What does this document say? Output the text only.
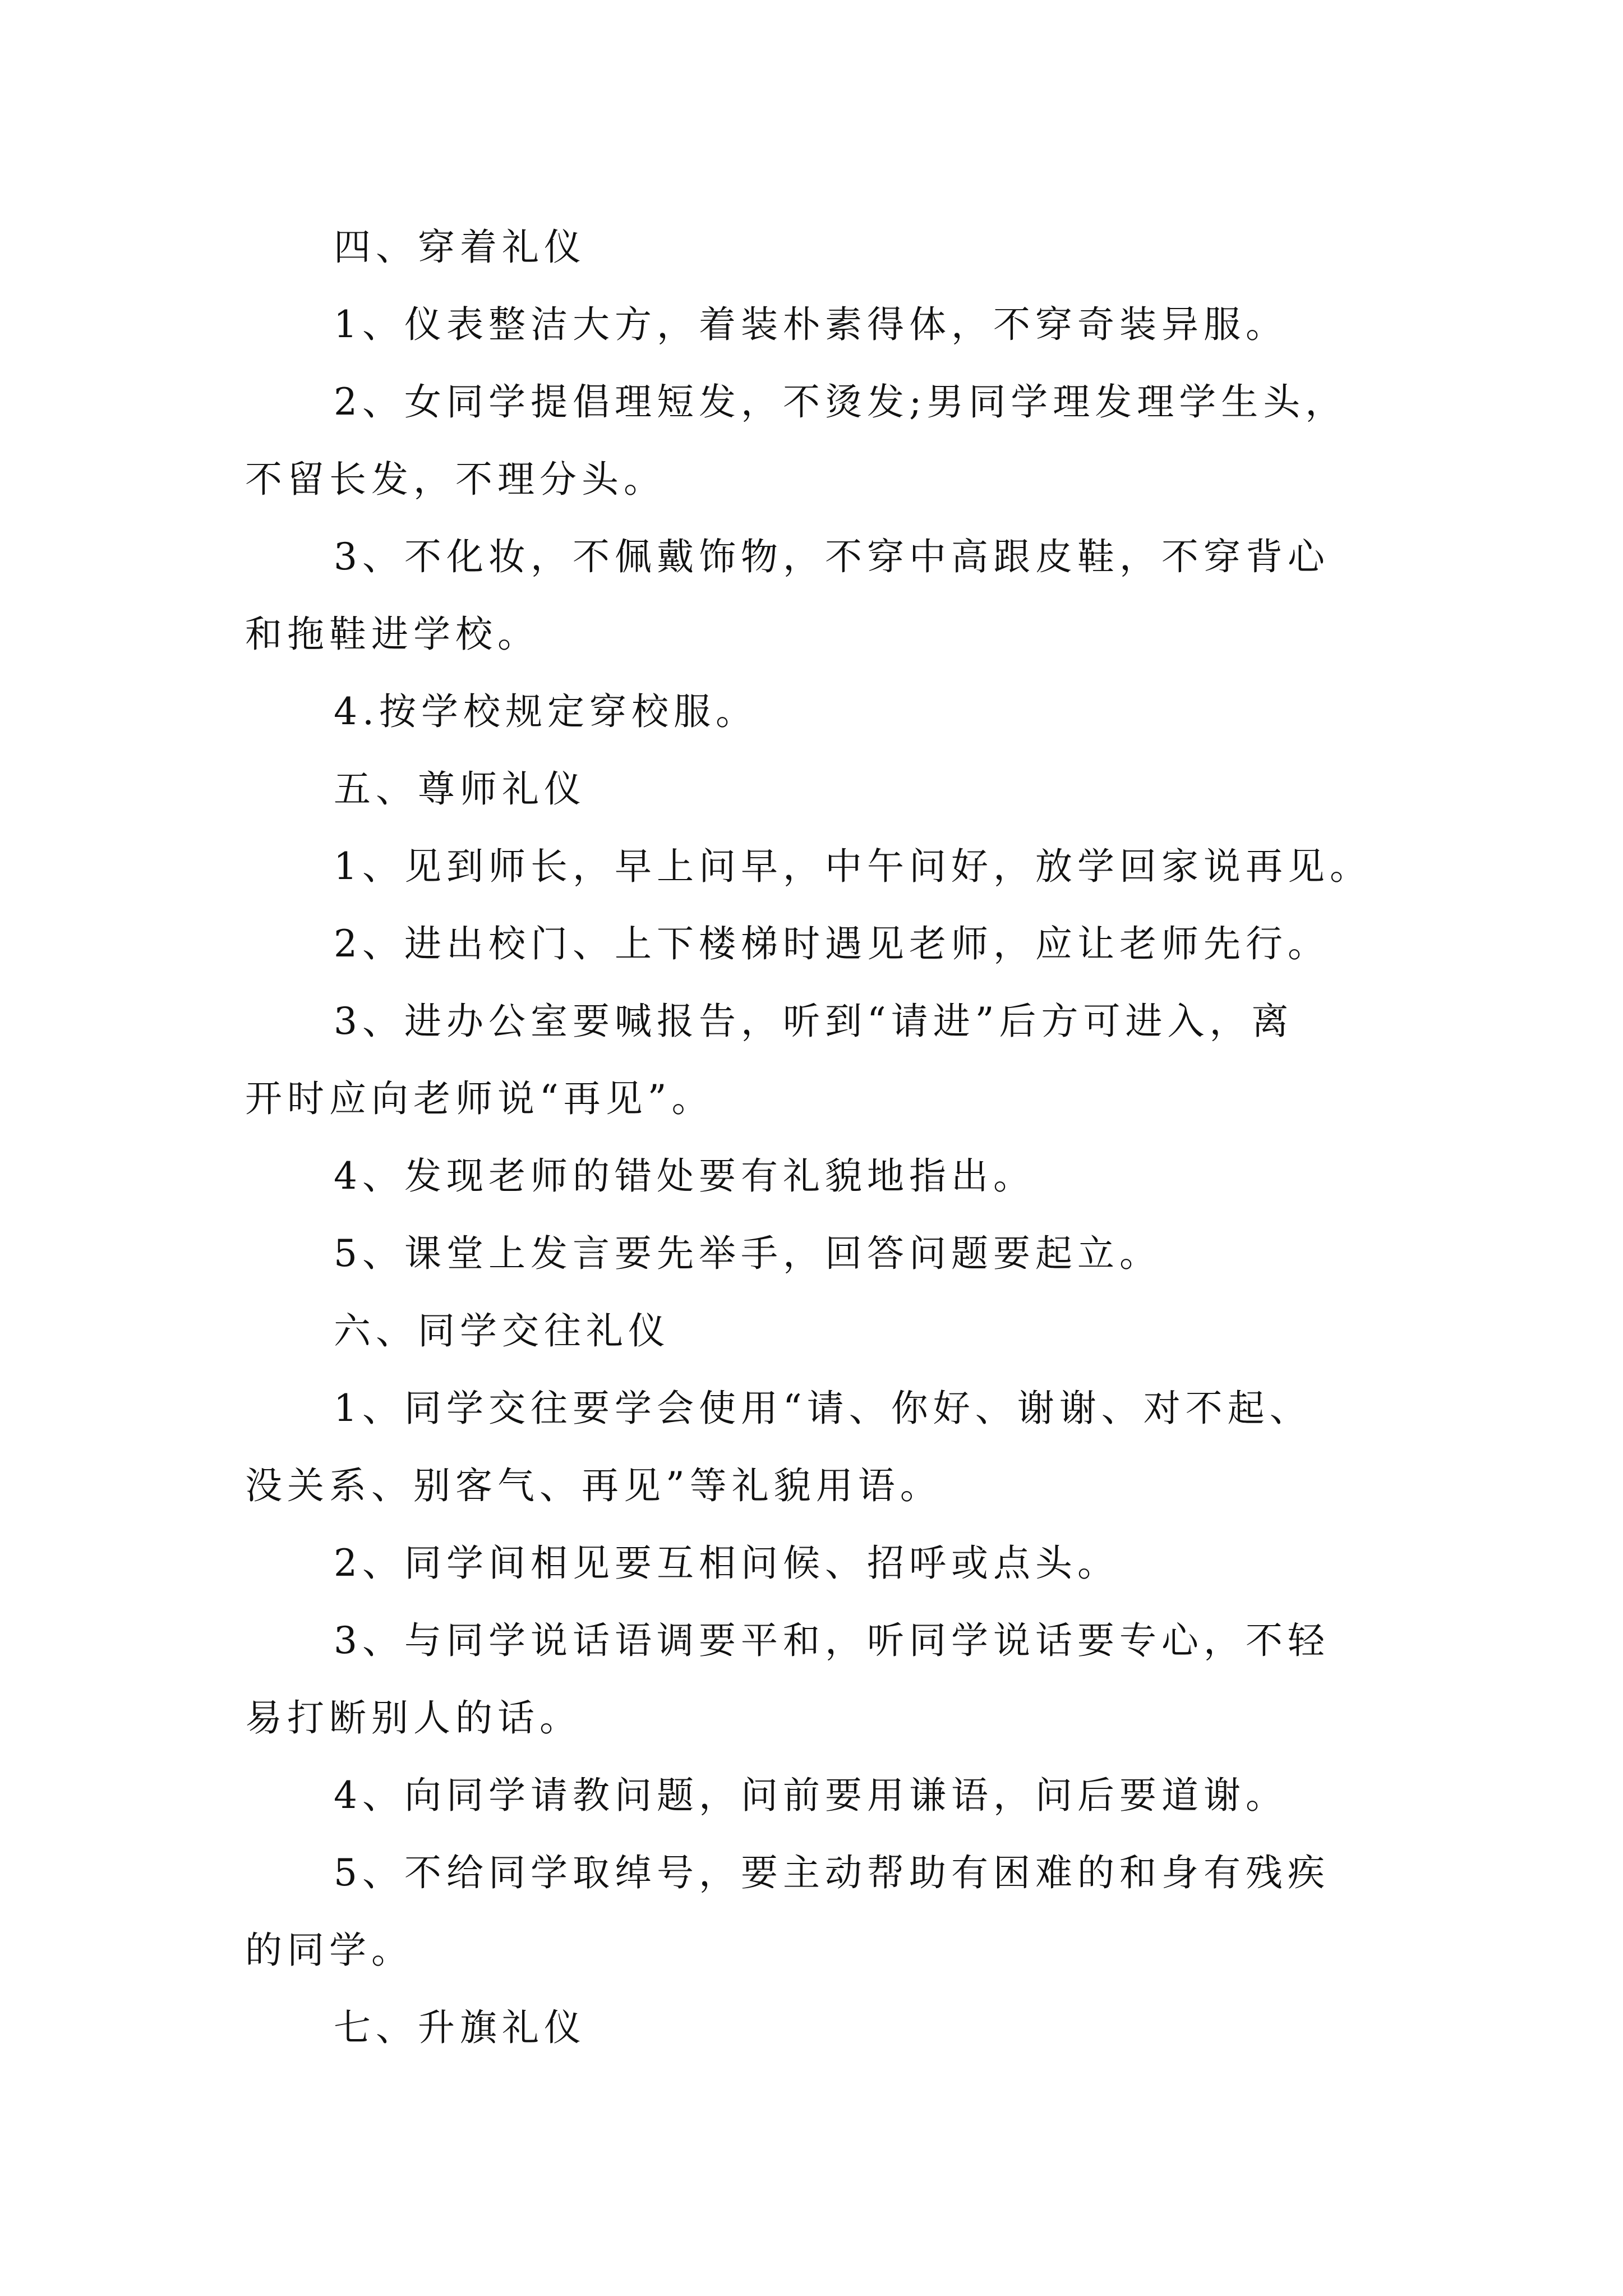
四、穿着礼仪

1、仪表整洁大方，着装朴素得体，不穿奇装异服。

2、女同学提倡理短发，不烫发;男同学理发理学生头，
不留长发，不理分头。

3、不化妆，不佩戴饰物，不穿中高跟皮鞋，不穿背心
和拖鞋进学校。

4.按学校规定穿校服。

五、尊师礼仪

1、见到师长，早上问早，中午问好，放学回家说再见。

2、进出校门、上下楼梯时遇见老师，应让老师先行。

3、进办公室要喊报告，听到“请进”后方可进入，离
开时应向老师说“再见”。

4、发现老师的错处要有礼貌地指出。

5、课堂上发言要先举手，回答问题要起立。

六、同学交往礼仪

1、同学交往要学会使用“请、你好、谢谢、对不起、
没关系、别客气、再见”等礼貌用语。

2、同学间相见要互相问候、招呼或点头。

3、与同学说话语调要平和，听同学说话要专心，不轻
易打断别人的话。

4、向同学请教问题，问前要用谦语，问后要道谢。

5、不给同学取绰号，要主动帮助有困难的和身有残疾
的同学。

七、升旗礼仪
